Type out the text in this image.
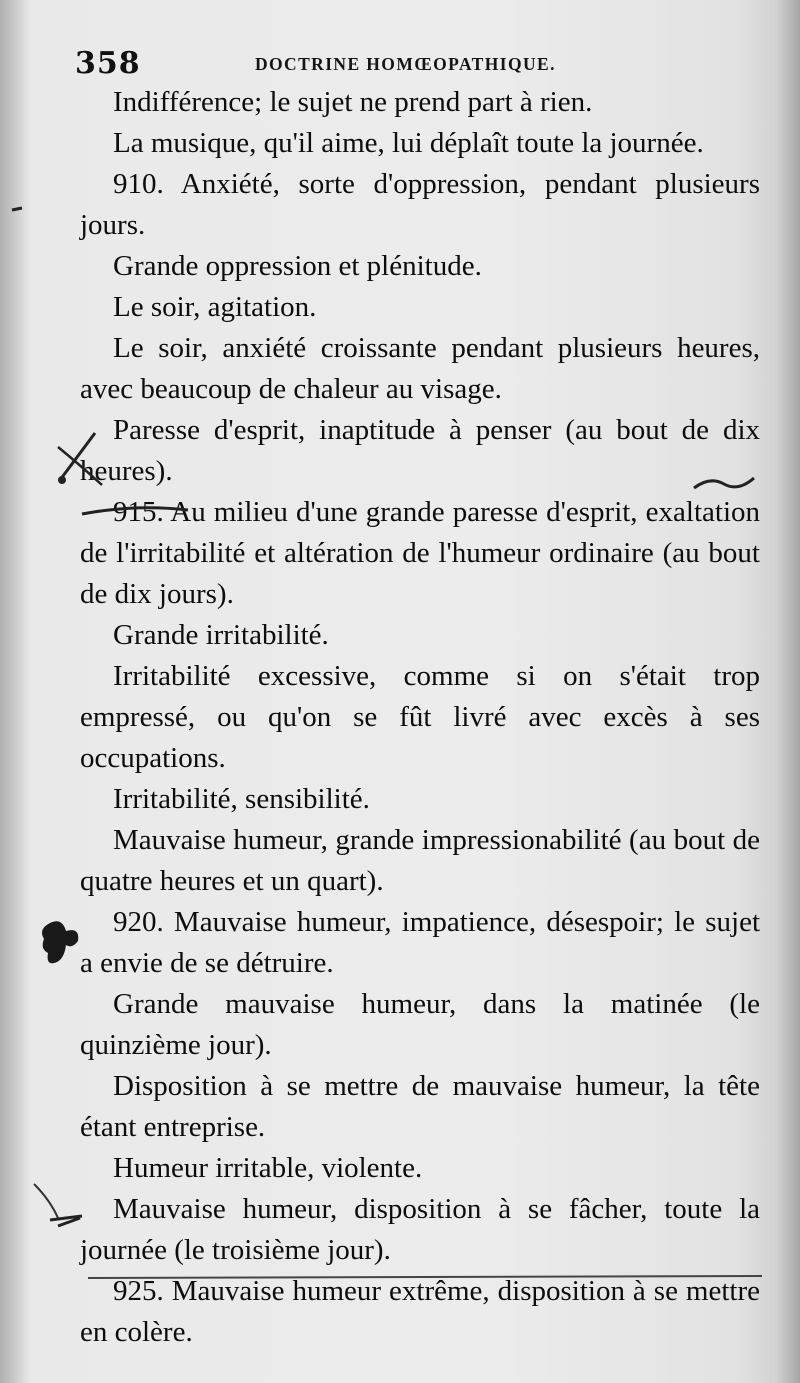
358	DOCTRINE HOMŒOPATHIQUE.

Indifférence; le sujet ne prend part à rien.

La musique, qu'il aime, lui déplaît toute la journée.

910. Anxiété, sorte d'oppression, pendant plusieurs jours.

Grande oppression et plénitude.

Le soir, agitation.

Le soir, anxiété croissante pendant plusieurs heures, avec beaucoup de chaleur au visage.

Paresse d'esprit, inaptitude à penser (au bout de dix heures).

915. Au milieu d'une grande paresse d'esprit, exaltation de l'irritabilité et altération de l'humeur ordinaire (au bout de dix jours).

Grande irritabilité.

Irritabilité excessive, comme si on s'était trop empressé, ou qu'on se fût livré avec excès à ses occupations.

Irritabilité, sensibilité.

Mauvaise humeur, grande impressionabilité (au bout de quatre heures et un quart).

920. Mauvaise humeur, impatience, désespoir; le sujet a envie de se détruire.

Grande mauvaise humeur, dans la matinée (le quinzième jour).

Disposition à se mettre de mauvaise humeur, la tête étant entreprise.

Humeur irritable, violente.

Mauvaise humeur, disposition à se fâcher, toute la journée (le troisième jour).

925. Mauvaise humeur extrême, disposition à se mettre en colère.
